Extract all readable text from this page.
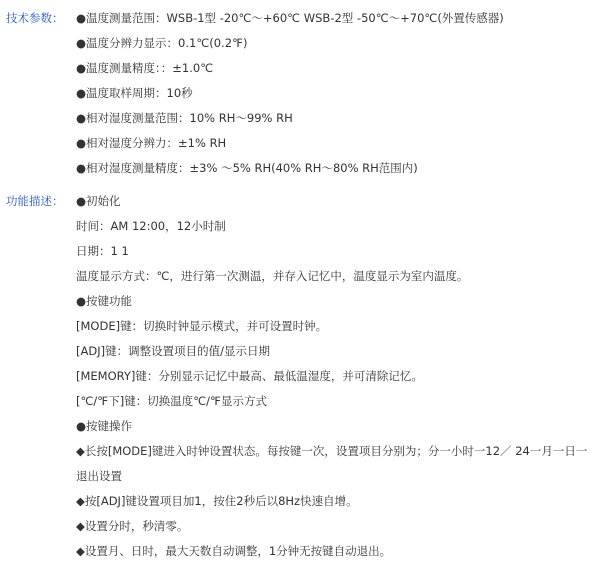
技术参数： ●温度测量范围：WSB-1型 -20℃～+60℃ WSB-2型 -50℃～+70℃(外置传感器)
●温度分辨力显示：0.1℃(0.2℉)
●温度测量精度：：±1.0℃
●温度取样周期：10秒
●相对湿度测量范围：10% RH～99% RH
●相对湿度分辨力：±1% RH
●相对湿度测量精度：±3% ～5% RH(40% RH～80% RH范围内)
功能描述： ●初始化
时间：AM 12:00，12小时制
日期：1 1
温度显示方式：℃，进行第一次测温，并存入记忆中，温度显示为室内温度。
●按键功能
[MODE]键：切换时钟显示模式，并可设置时钟。
[ADJ]键：调整设置项目的值/显示日期
[MEMORY]键：分别显示记忆中最高、最低温湿度，并可清除记忆。
[℃/℉下]键：切换温度℃/℉显示方式
●按键操作
◆长按[MODE]键进入时钟设置状态。每按键一次，设置项目分别为；分一小时一12／ 24一月一日一退出设置
◆按[ADJ]键设置项目加1，按住2秒后以8Hz快速自增。
◆设置分时，秒清零。
◆设置月、日时，最大天数自动调整，1分钟无按键自动退出。
